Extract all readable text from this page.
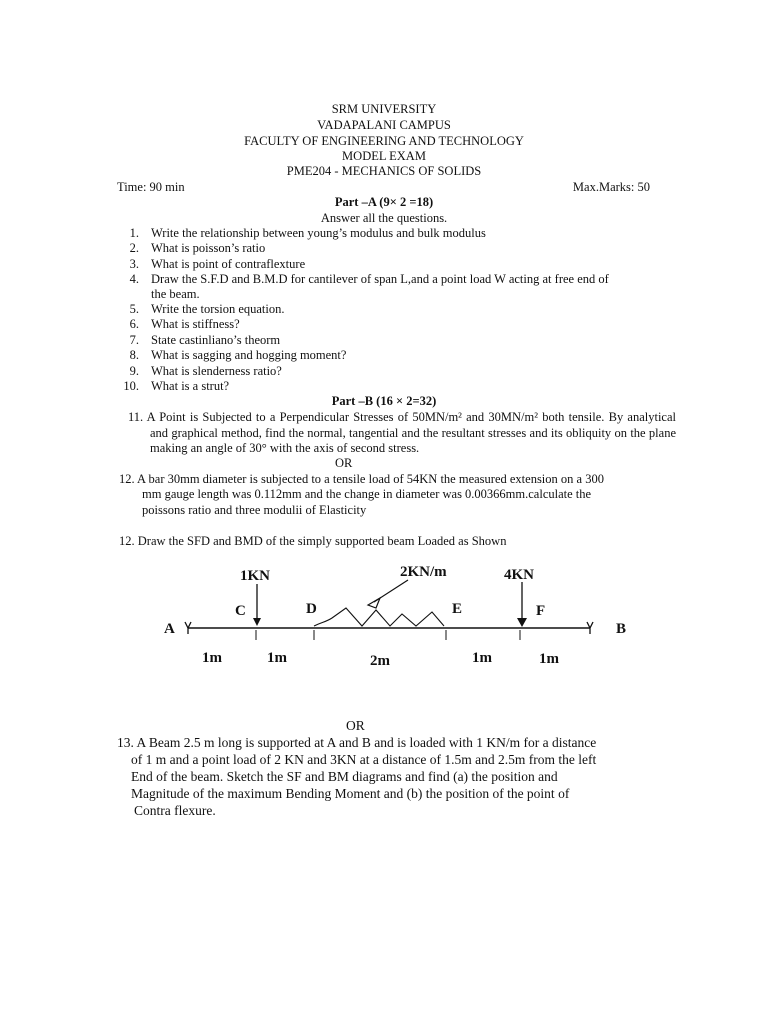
SRM UNIVERSITY
VADAPALANI CAMPUS
FACULTY OF ENGINEERING AND TECHNOLOGY
MODEL EXAM
PME204 - MECHANICS OF SOLIDS
Time: 90 min	Max.Marks: 50
Part –A (9× 2 =18)
Answer all the questions.
1. Write the relationship between young’s modulus and bulk modulus
2. What is poisson’s ratio
3. What is point of contraflexture
4. Draw the S.F.D and B.M.D for cantilever of span L,and a point load W acting at free end of
the beam.
5. Write the torsion equation.
6. What is stiffness?
7. State castinliano’s theorm
8. What is sagging and hogging moment?
9. What is slenderness ratio?
10. What is a strut?
Part –B (16 × 2=32)
11. A Point is Subjected to a Perpendicular Stresses of 50MN/m² and 30MN/m² both tensile. By analytical and graphical method, find the normal, tangential and the resultant stresses and its obliquity on the plane making an angle of 30° with the axis of second stress.
OR
12. A bar 30mm diameter is subjected to a tensile load of 54KN the measured extension on a 300
mm gauge length was 0.112mm and the change in diameter was 0.00366mm.calculate the
poissons ratio and three modulii of Elasticity
12. Draw the SFD and BMD of the simply supported beam Loaded as Shown
1KN	2KN/m	4KN
A
C	D	E	F
B
1m	1m	2m	1m	1m
OR
13. A Beam 2.5 m long is supported at A and B and is loaded with 1 KN/m for a distance
of 1 m and a point load of 2 KN and 3KN at a distance of 1.5m and 2.5m from the left
End of the beam. Sketch the SF and BM diagrams and find (a) the position and
Magnitude of the maximum Bending Moment and (b) the position of the point of
Contra flexure.
